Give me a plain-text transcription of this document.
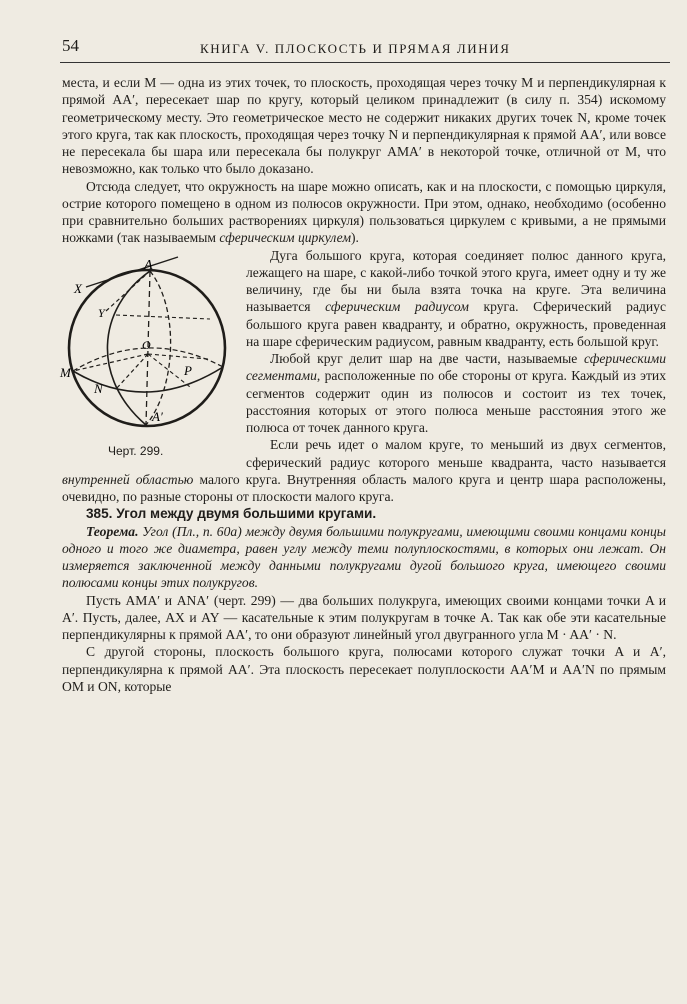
54	КНИГА V. ПЛОСКОСТЬ И ПРЯМАЯ ЛИНИЯ

места, и если M — одна из этих точек, то плоскость, проходящая через точку M и перпендикулярная к прямой AA′, пересекает шар по кругу, который целиком принадлежит (в силу п. 354) искомому геометрическому месту. Это геометрическое место не содержит никаких других точек N, кроме точек этого круга, так как плоскость, проходящая через точку N и перпендикулярная к прямой AA′, или вовсе не пересекала бы шара или пересекала бы полукруг AMA′ в некоторой точке, отличной от M, что невозможно, как только что было доказано.

Отсюда следует, что окружность на шаре можно описать, как и на плоскости, с помощью циркуля, острие которого помещено в одном из полюсов окружности. При этом, однако, необходимо (особенно при сравнительно больших растворениях циркуля) пользоваться циркулем с кривыми, а не прямыми ножками (так называемым сферическим циркулем).

A
X
Y
O
M
N
P
A′
Черт. 299.

Дуга большого круга, которая соединяет полюс данного круга, лежащего на шаре, с какой-либо точкой этого круга, имеет одну и ту же величину, где бы ни была взята точка на круге. Эта величина называется сферическим радиусом круга. Сферический радиус большого круга равен квадранту, и обратно, окружность, проведенная на шаре сферическим радиусом, равным квадранту, есть большой круг.

Любой круг делит шар на две части, называемые сферическими сегментами, расположенные по обе стороны от круга. Каждый из этих сегментов содержит один из полюсов и состоит из тех точек, расстояния которых от этого полюса меньше расстояния этого же полюса от точек данного круга.

Если речь идет о малом круге, то меньший из двух сегментов, сферический радиус которого меньше квадранта, часто называется внутренней областью малого круга. Внутренняя область малого круга и центр шара расположены, очевидно, по разные стороны от плоскости малого круга.

385. Угол между двумя большими кругами.

Теорема. Угол (Пл., п. 60а) между двумя большими полукругами, имеющими своими концами концы одного и того же диаметра, равен углу между теми полуплоскостями, в которых они лежат. Он измеряется заключенной между данными полукругами дугой большого круга, имеющего своими полюсами концы этих полукругов.

Пусть AMA′ и ANA′ (черт. 299) — два больших полукруга, имеющих своими концами точки A и A′. Пусть, далее, AX и AY — касательные к этим полукругам в точке A. Так как обе эти касательные перпендикулярны к прямой AA′, то они образуют линейный угол двугранного угла M · AA′ · N.

С другой стороны, плоскость большого круга, полюсами которого служат точки A и A′, перпендикулярна к прямой AA′. Эта плоскость пересекает полуплоскости AA′M и AA′N по прямым OM и ON, которые
